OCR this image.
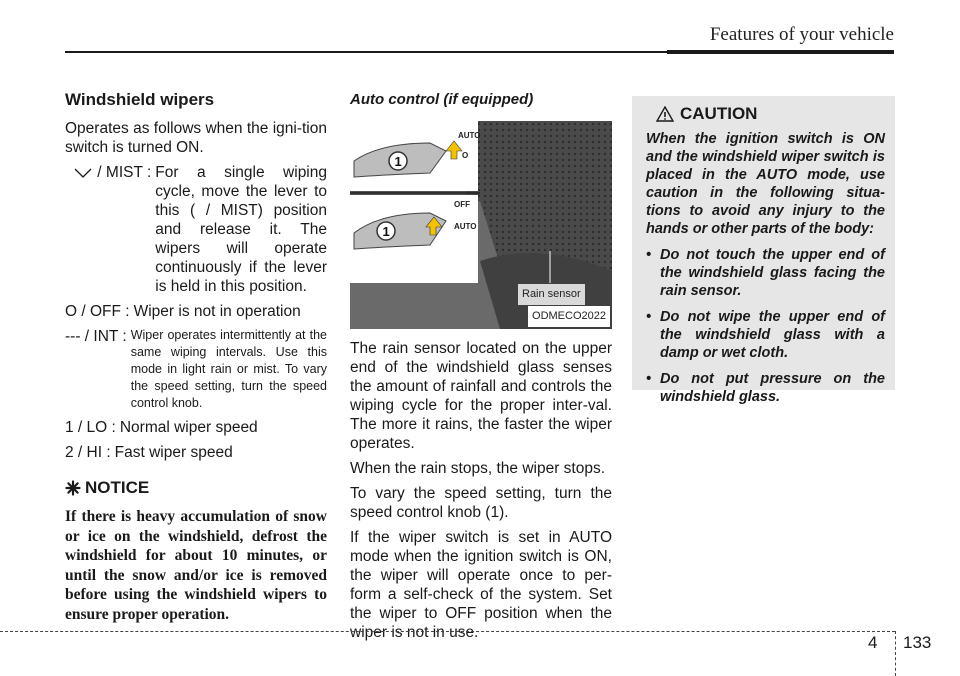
Features of your vehicle
Windshield wipers

Operates as follows when the igni-tion switch is turned ON.

/ MIST : For a single wiping cycle, move the lever to this ( / MIST) position and release it. The wipers will operate continuously if the lever is held in this position.
O / OFF : Wiper is not in operation
--- / INT : Wiper operates intermittently at the same wiping intervals. Use this mode in light rain or mist. To vary the speed setting, turn the speed control knob.
1 / LO : Normal wiper speed
2 / HI : Fast wiper speed
NOTICE

If there is heavy accumulation of snow or ice on the windshield, defrost the windshield for about 10 minutes, or until the snow and/or ice is removed before using the windshield wipers to ensure proper operation.

Auto control (if equipped)
1
AUTO
O
1
OFF
AUTO
Rain sensor
ODMECO2022

The rain sensor located on the upper end of the windshield glass senses the amount of rainfall and controls the wiping cycle for the proper inter-val. The more it rains, the faster the wiper operates.

When the rain stops, the wiper stops.

To vary the speed setting, turn the speed control knob (1).

If the wiper switch is set in AUTO mode when the ignition switch is ON, the wiper will operate once to per-form a self-check of the system. Set the wiper to OFF position when the wiper is not in use.

CAUTION

When the ignition switch is ON and the windshield wiper switch is placed in the AUTO mode, use caution in the following situa-tions to avoid any injury to the hands or other parts of the body:

• Do not touch the upper end of the windshield glass facing the rain sensor.
• Do not wipe the upper end of the windshield glass with a damp or wet cloth.
• Do not put pressure on the windshield glass.
4 133
